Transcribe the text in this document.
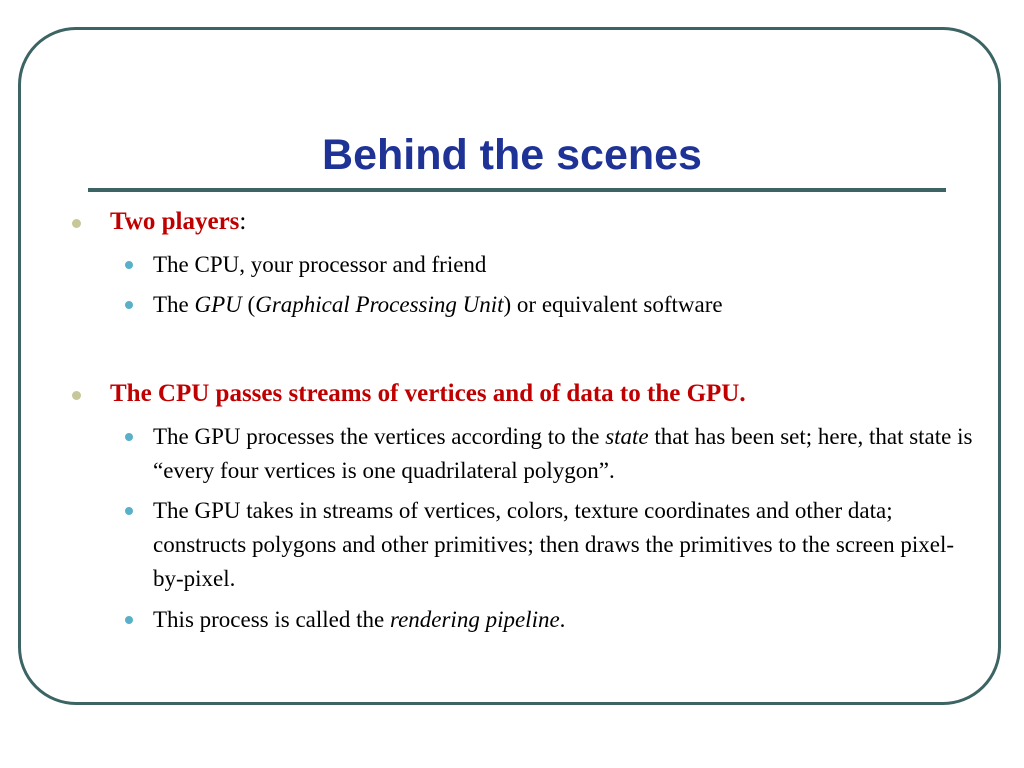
Behind the scenes
Two players:
The CPU, your processor and friend
The GPU (Graphical Processing Unit) or equivalent software
The CPU passes streams of vertices and of data to the GPU.
The GPU processes the vertices according to the state that has been set; here, that state is “every four vertices is one quadrilateral polygon”.
The GPU takes in streams of vertices, colors, texture coordinates and other data; constructs polygons and other primitives; then draws the primitives to the screen pixel-by-pixel.
This process is called the rendering pipeline.
